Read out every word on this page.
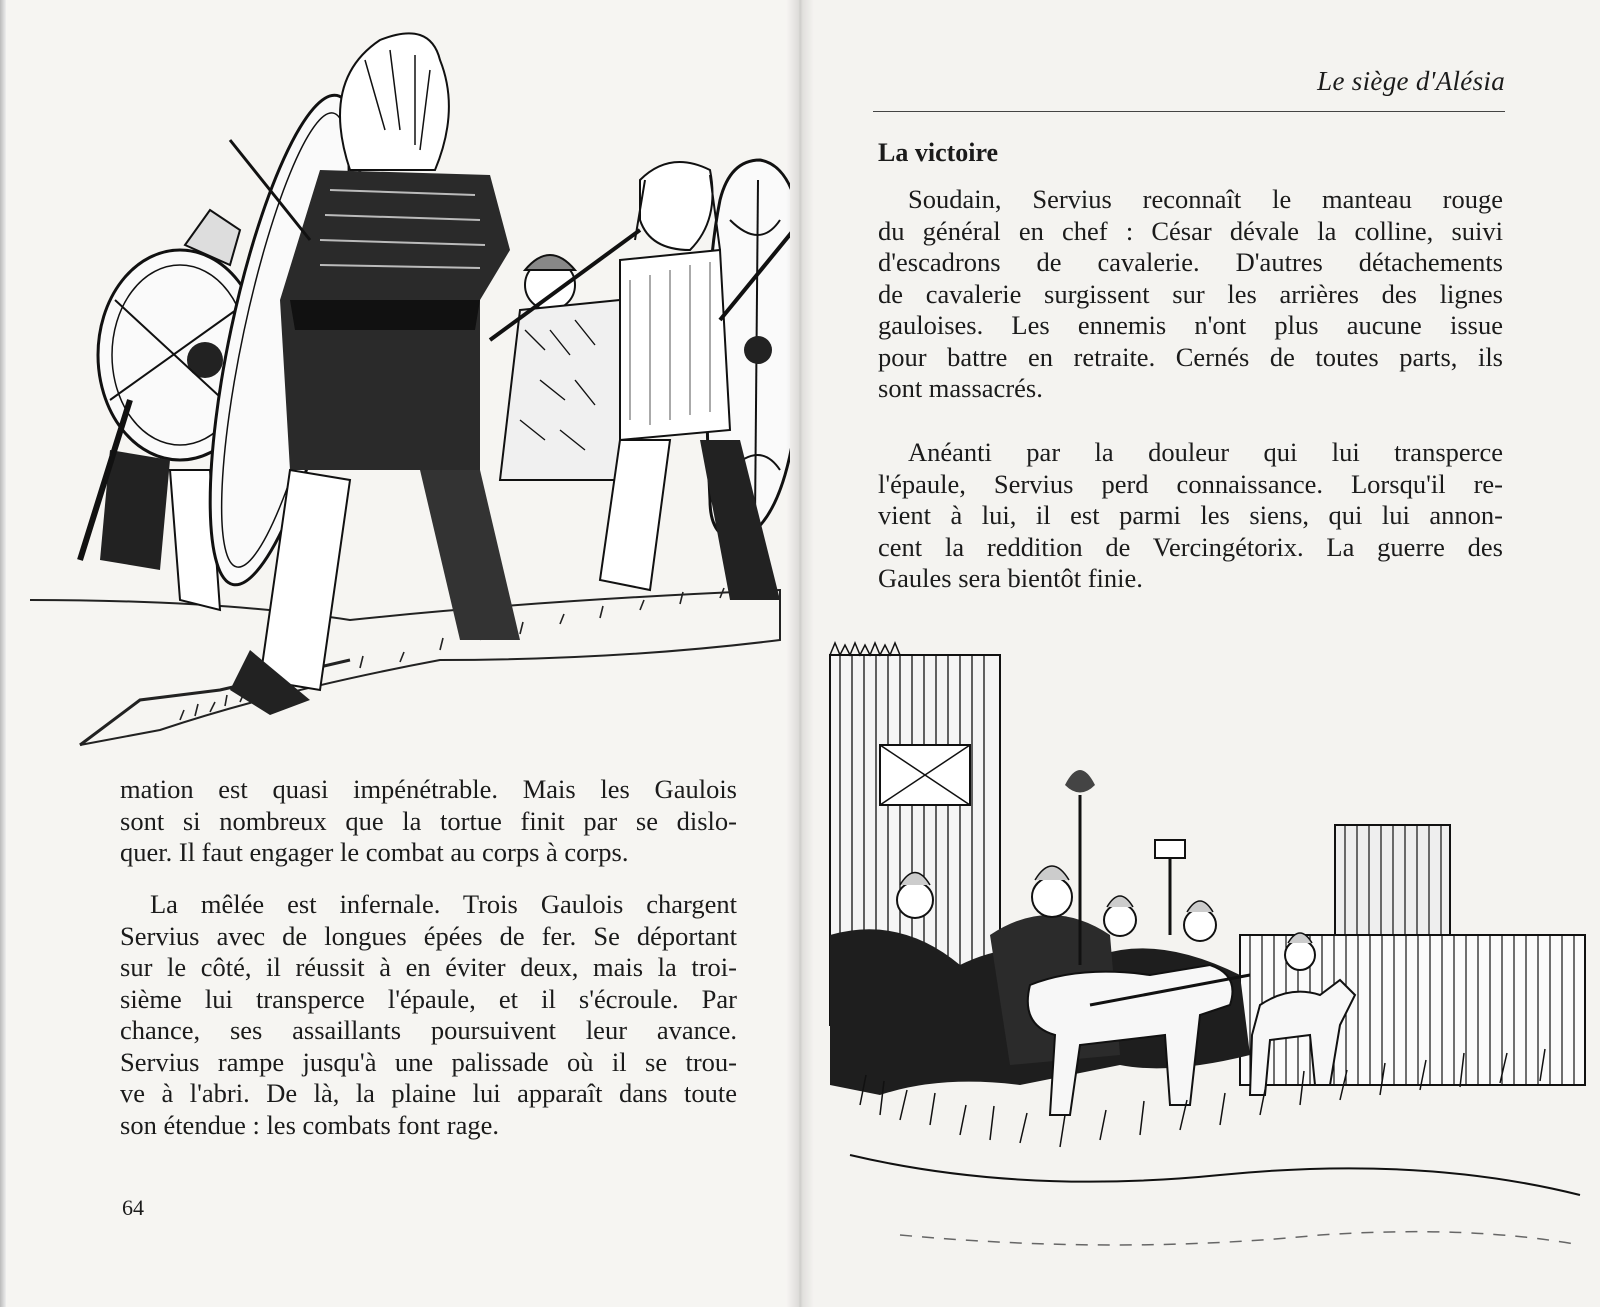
mation est quasi impénétrable. Mais les Gaulois
sont si nombreux que la tortue finit par se dislo-
quer. Il faut engager le combat au corps à corps.
La mêlée est infernale. Trois Gaulois chargent
Servius avec de longues épées de fer. Se déportant
sur le côté, il réussit à en éviter deux, mais la troi-
sième lui transperce l'épaule, et il s'écroule. Par
chance, ses assaillants poursuivent leur avance.
Servius rampe jusqu'à une palissade où il se trou-
ve à l'abri. De là, la plaine lui apparaît dans toute
son étendue : les combats font rage.

64

Le siège d'Alésia
La victoire
Soudain, Servius reconnaît le manteau rouge
du général en chef : César dévale la colline, suivi
d'escadrons de cavalerie. D'autres détachements
de cavalerie surgissent sur les arrières des lignes
gauloises. Les ennemis n'ont plus aucune issue
pour battre en retraite. Cernés de toutes parts, ils
sont massacrés.
Anéanti par la douleur qui lui transperce
l'épaule, Servius perd connaissance. Lorsqu'il re-
vient à lui, il est parmi les siens, qui lui annon-
cent la reddition de Vercingétorix. La guerre des
Gaules sera bientôt finie.
